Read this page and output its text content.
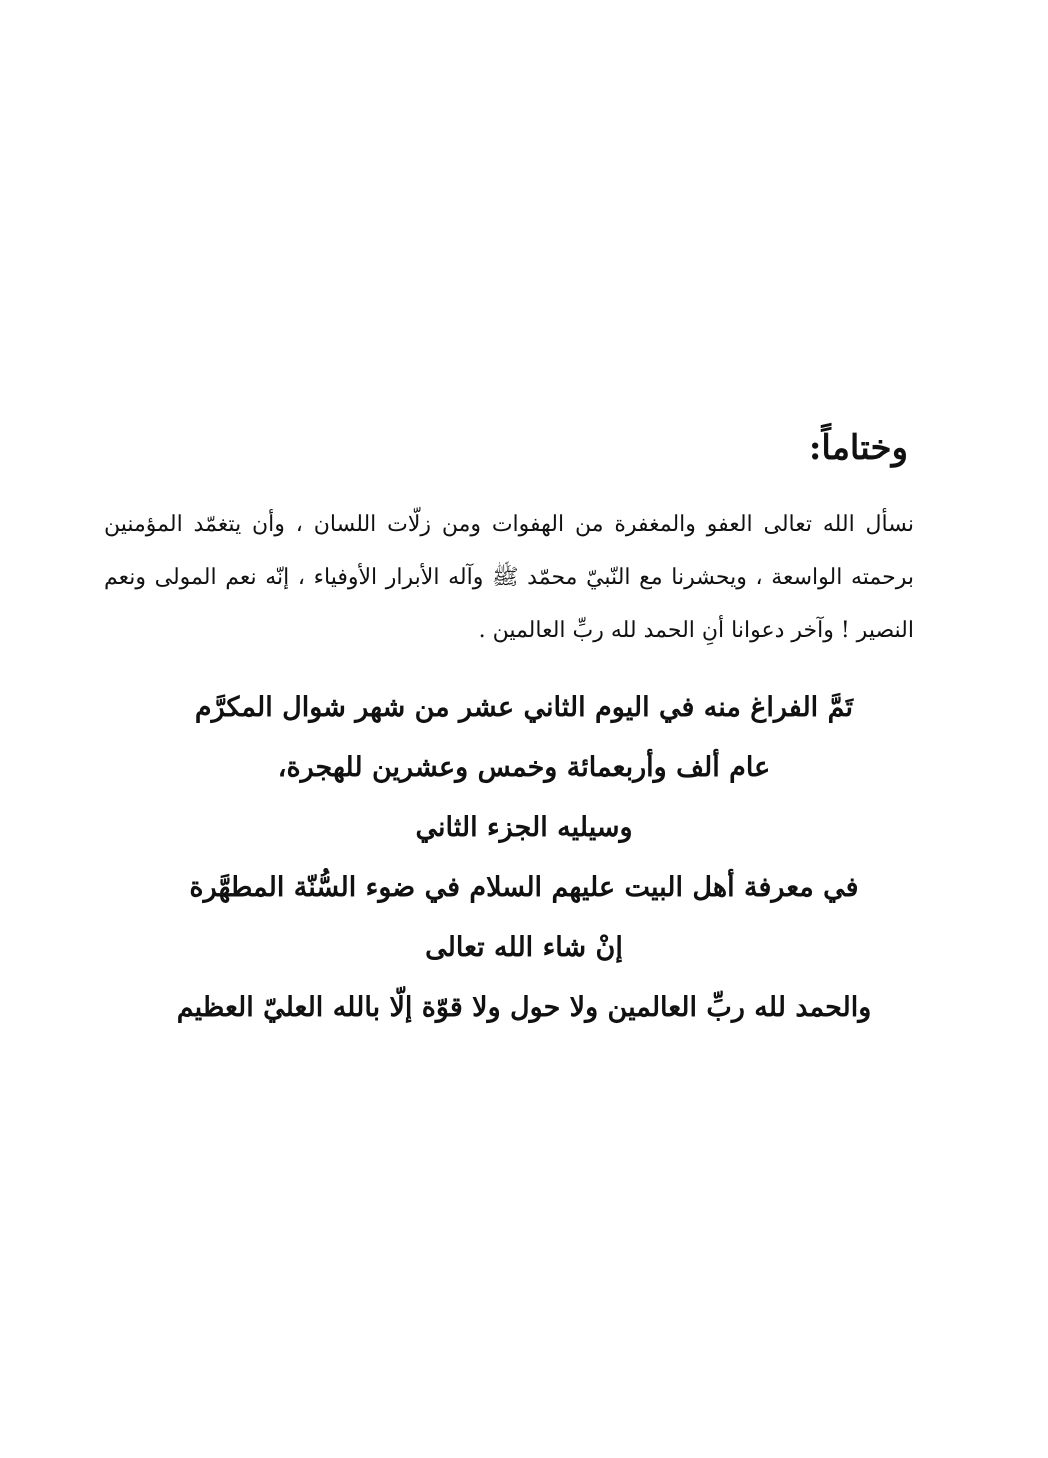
وختاماً:

نسأل الله تعالى العفو والمغفرة من الهفوات ومن زلّات اللسان ، وأن يتغمّد المؤمنين برحمته الواسعة ، ويحشرنا مع النّبيّ محمّد ﷺ وآله الأبرار الأوفياء ، إنّه نعم المولى ونعم النصير ! وآخر دعوانا أنِ الحمد لله ربِّ العالمين .

تَمَّ الفراغ منه في اليوم الثاني عشر من شهر شوال المكرَّم
عام ألف وأربعمائة وخمس وعشرين للهجرة،
وسيليه الجزء الثاني
في معرفة أهل البيت عليهم السلام في ضوء السُّنّة المطهَّرة
إنْ شاء الله تعالى
والحمد لله ربِّ العالمين ولا حول ولا قوّة إلّا بالله العليّ العظيم
